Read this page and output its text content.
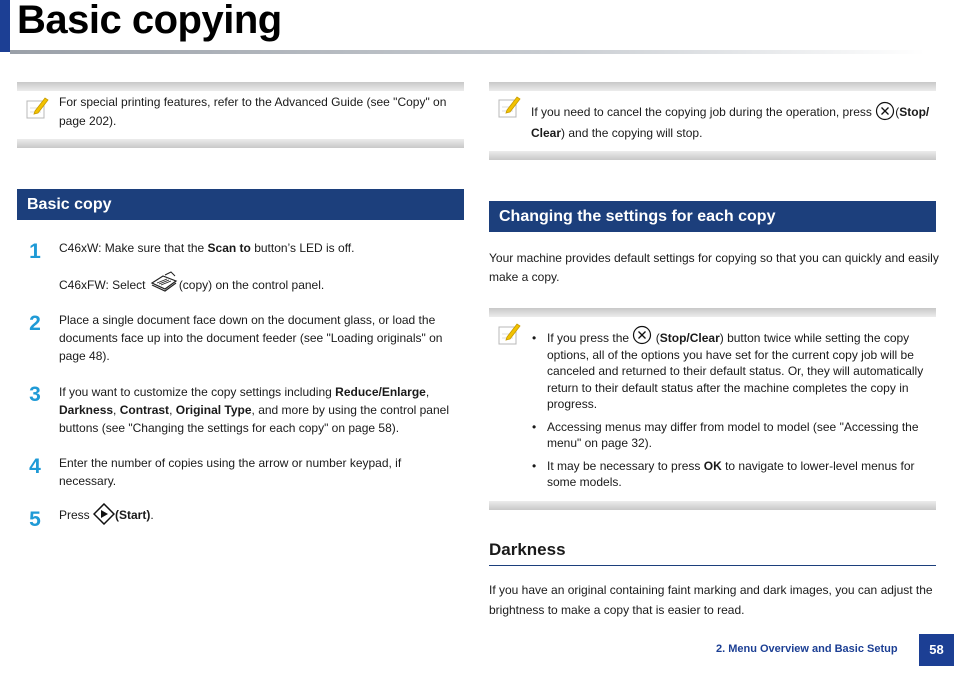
Basic copying
For special printing features, refer to the Advanced Guide (see "Copy" on
page 202).
Basic copy
1	C46xW: Make sure that the Scan to button’s LED is off.
C46xFW: Select	(copy) on the control panel.
2	Place a single document face down on the document glass, or load the documents face up into the document feeder (see "Loading originals" on page 48).
3	If you want to customize the copy settings including Reduce/Enlarge, Darkness, Contrast, Original Type, and more by using the control panel buttons (see "Changing the settings for each copy" on page 58).
4	Enter the number of copies using the arrow or number keypad, if necessary.
5	Press (Start).
If you need to cancel the copying job during the operation, press (Stop/
Clear) and the copying will stop.
Changing the settings for each copy
Your machine provides default settings for copying so that you can quickly and easily make a copy.
• If you press the  (Stop/Clear) button twice while setting the copy options, all of the options you have set for the current copy job will be canceled and returned to their default status. Or, they will automatically return to their default status after the machine completes the copy in progress.
• Accessing menus may differ from model to model (see "Accessing the menu" on page 32).
• It may be necessary to press OK to navigate to lower-level menus for some models.
Darkness
If you have an original containing faint marking and dark images, you can adjust the brightness to make a copy that is easier to read.
2. Menu Overview and Basic Setup	58
